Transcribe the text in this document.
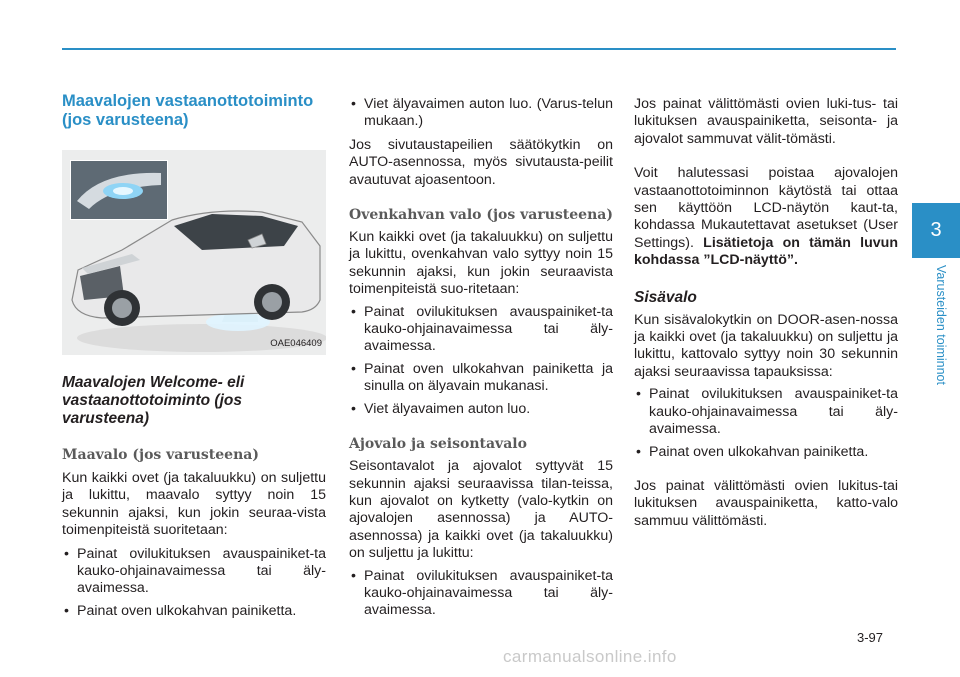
Maavalojen vastaanottotoiminto (jos varusteena)
OAE046409
Maavalojen Welcome- eli vastaanottotoiminto (jos varusteena)
Maavalo (jos varusteena)

Kun kaikki ovet (ja takaluukku) on suljettu ja lukittu, maavalo syttyy noin 15 sekunnin ajaksi, kun jokin seuraa-vista toimenpiteistä suoritetaan:

• Painat ovilukituksen avauspainiket-ta kauko-ohjainavaimessa tai äly-avaimessa.
• Painat oven ulkokahvan painiketta.
• Viet älyavaimen auton luo. (Varus-telun mukaan.)

Jos sivutaustapeilien säätökytkin on AUTO-asennossa, myös sivutausta-peilit avautuvat ajoasentoon.

Ovenkahvan valo (jos varusteena)

Kun kaikki ovet (ja takaluukku) on suljettu ja lukittu, ovenkahvan valo syttyy noin 15 sekunnin ajaksi, kun jokin seuraavista toimenpiteistä suo-ritetaan:

• Painat ovilukituksen avauspainiket-ta kauko-ohjainavaimessa tai äly-avaimessa.
• Painat oven ulkokahvan painiketta ja sinulla on älyavain mukanasi.
• Viet älyavaimen auton luo.
Ajovalo ja seisontavalo

Seisontavalot ja ajovalot syttyvät 15 sekunnin ajaksi seuraavissa tilan-teissa, kun ajovalot on kytketty (valo-kytkin on ajovalojen asennossa) ja AUTO-asennossa) ja kaikki ovet (ja takaluukku) on suljettu ja lukittu:

• Painat ovilukituksen avauspainiket-ta kauko-ohjainavaimessa tai äly-avaimessa.

Jos painat välittömästi ovien luki-tus- tai lukituksen avauspainiketta, seisonta- ja ajovalot sammuvat välit-tömästi.

Voit halutessasi poistaa ajovalojen vastaanottotoiminnon käytöstä tai ottaa sen käyttöön LCD-näytön kaut-ta, kohdassa Mukautettavat asetukset (User Settings). Lisätietoja on tämän luvun kohdassa ”LCD-näyttö”.

Sisävalo

Kun sisävalokytkin on DOOR-asen-nossa ja kaikki ovet (ja takaluukku) on suljettu ja lukittu, kattovalo syttyy noin 30 sekunnin ajaksi seuraavissa tapauksissa:

• Painat ovilukituksen avauspainiket-ta kauko-ohjainavaimessa tai äly-avaimessa.
• Painat oven ulkokahvan painiketta.

Jos painat välittömästi ovien lukitus-tai lukituksen avauspainiketta, katto-valo sammuu välittömästi.

3
Varusteiden toiminnot
3-97
carmanualsonline.info
